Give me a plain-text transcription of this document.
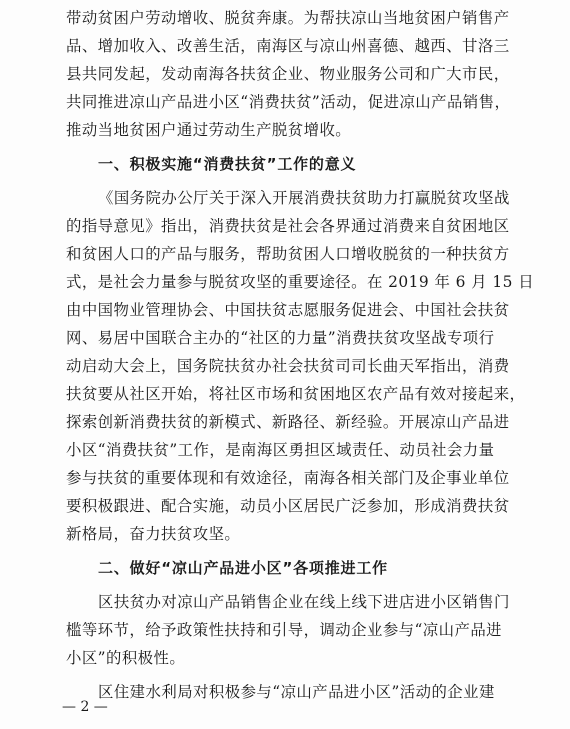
带动贫困户劳动增收、脱贫奔康。为帮扶凉山当地贫困户销售产
品、增加收入、改善生活，南海区与凉山州喜德、越西、甘洛三
县共同发起，发动南海各扶贫企业、物业服务公司和广大市民，
共同推进凉山产品进小区“消费扶贫”活动，促进凉山产品销售，
推动当地贫困户通过劳动生产脱贫增收。
一、积极实施“消费扶贫”工作的意义
《国务院办公厅关于深入开展消费扶贫助力打赢脱贫攻坚战
的指导意见》指出，消费扶贫是社会各界通过消费来自贫困地区
和贫困人口的产品与服务，帮助贫困人口增收脱贫的一种扶贫方
式，是社会力量参与脱贫攻坚的重要途径。在 2019 年 6 月 15 日
由中国物业管理协会、中国扶贫志愿服务促进会、中国社会扶贫
网、易居中国联合主办的“社区的力量”消费扶贫攻坚战专项行
动启动大会上，国务院扶贫办社会扶贫司司长曲天军指出，消费
扶贫要从社区开始，将社区市场和贫困地区农产品有效对接起来，
探索创新消费扶贫的新模式、新路径、新经验。开展凉山产品进
小区“消费扶贫”工作，是南海区勇担区域责任、动员社会力量
参与扶贫的重要体现和有效途径，南海各相关部门及企事业单位
要积极跟进、配合实施，动员小区居民广泛参加，形成消费扶贫
新格局，奋力扶贫攻坚。
二、做好“凉山产品进小区”各项推进工作
区扶贫办对凉山产品销售企业在线上线下进店进小区销售门
槛等环节，给予政策性扶持和引导，调动企业参与“凉山产品进
小区”的积极性。
区住建水利局对积极参与“凉山产品进小区”活动的企业建
— 2 —
